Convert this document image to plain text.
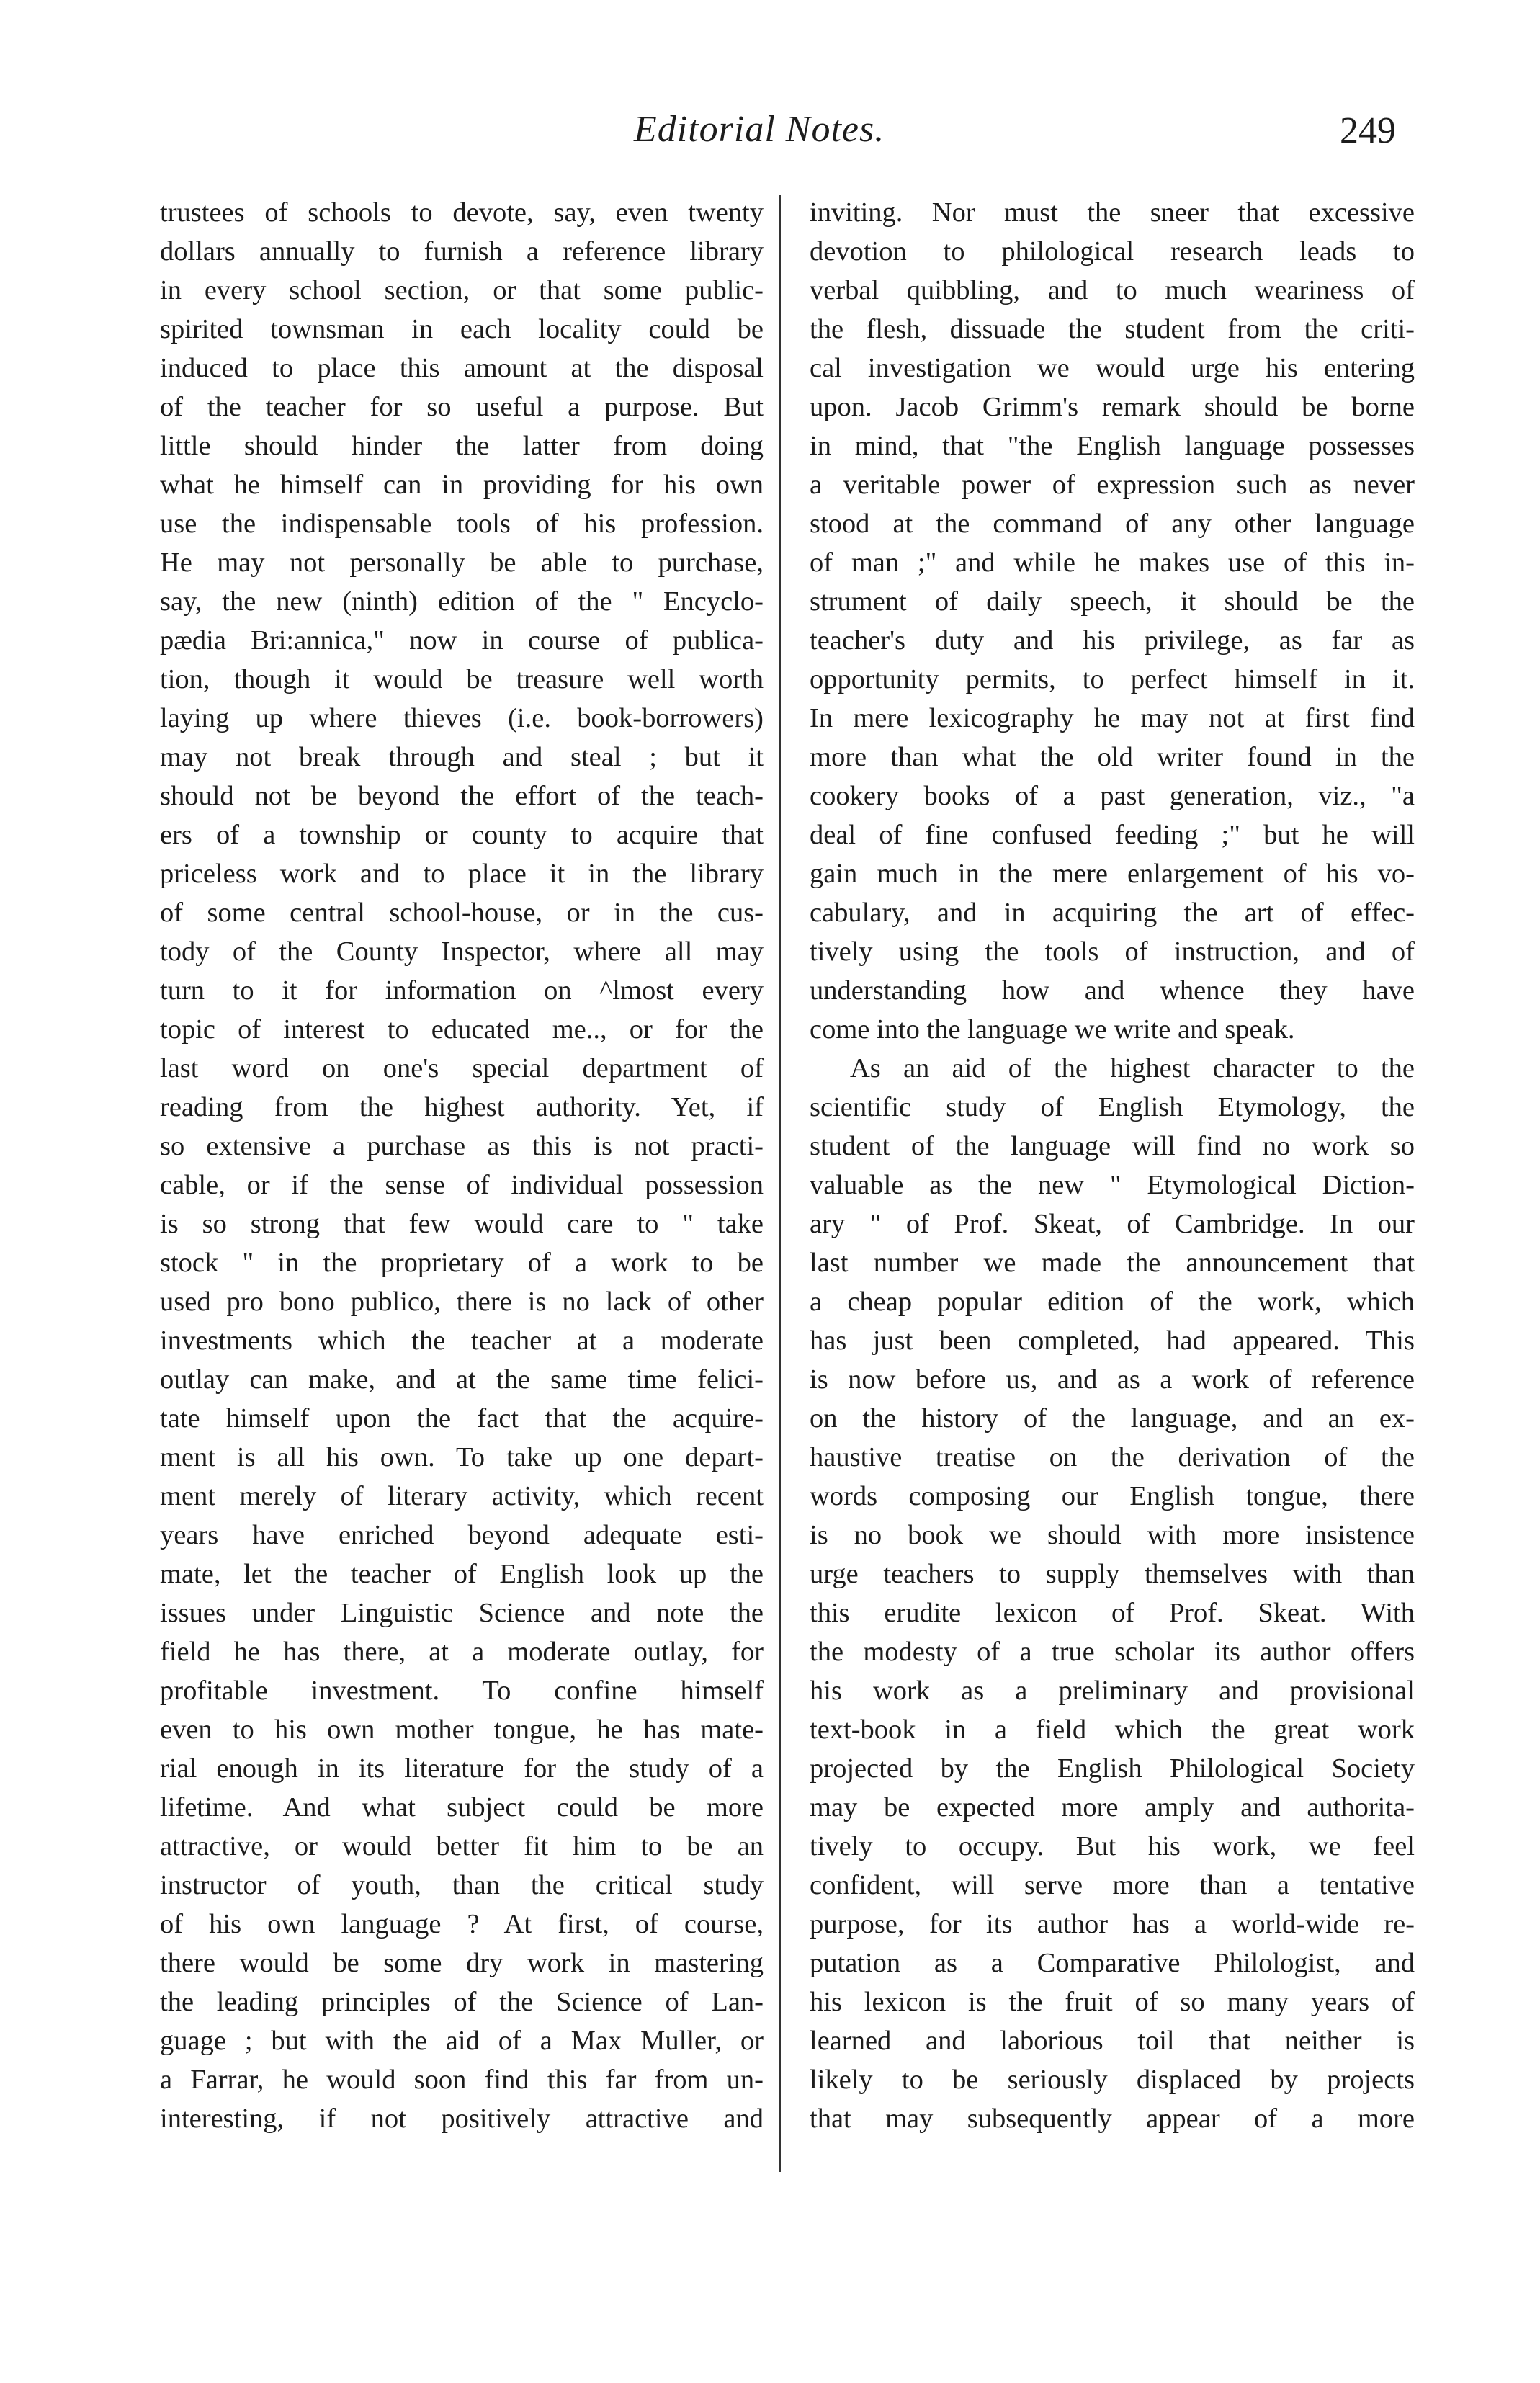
Editorial Notes.	249
trustees of schools to devote, say, even twenty
dollars annually to furnish a reference library
in every school section, or that some public-
spirited townsman in each locality could be
induced to place this amount at the disposal
of the teacher for so useful a purpose. But
little should hinder the latter from doing
what he himself can in providing for his own
use the indispensable tools of his profession.
He may not personally be able to purchase,
say, the new (ninth) edition of the " Encyclo-
pædia Bri:annica," now in course of publica-
tion, though it would be treasure well worth
laying up where thieves (i.e. book-borrowers)
may not break through and steal ; but it
should not be beyond the effort of the teach-
ers of a township or county to acquire that
priceless work and to place it in the library
of some central school-house, or in the cus-
tody of the County Inspector, where all may
turn to it for information on ^lmost every
topic of interest to educated me.., or for the
last word on one's special department of
reading from the highest authority. Yet, if
so extensive a purchase as this is not practi-
cable, or if the sense of individual possession
is so strong that few would care to " take
stock " in the proprietary of a work to be
used pro bono publico, there is no lack of other
investments which the teacher at a moderate
outlay can make, and at the same time felici-
tate himself upon the fact that the acquire-
ment is all his own. To take up one depart-
ment merely of literary activity, which recent
years have enriched beyond adequate esti-
mate, let the teacher of English look up the
issues under Linguistic Science and note the
field he has there, at a moderate outlay, for
profitable investment. To confine himself
even to his own mother tongue, he has mate-
rial enough in its literature for the study of a
lifetime. And what subject could be more
attractive, or would better fit him to be an
instructor of youth, than the critical study
of his own language ? At first, of course,
there would be some dry work in mastering
the leading principles of the Science of Lan-
guage ; but with the aid of a Max Muller, or
a Farrar, he would soon find this far from un-
interesting, if not positively attractive and
inviting. Nor must the sneer that excessive
devotion to philological research leads to
verbal quibbling, and to much weariness of
the flesh, dissuade the student from the criti-
cal investigation we would urge his entering
upon. Jacob Grimm's remark should be borne
in mind, that "the English language possesses
a veritable power of expression such as never
stood at the command of any other language
of man ;" and while he makes use of this in-
strument of daily speech, it should be the
teacher's duty and his privilege, as far as
opportunity permits, to perfect himself in it.
In mere lexicography he may not at first find
more than what the old writer found in the
cookery books of a past generation, viz., "a
deal of fine confused feeding ;" but he will
gain much in the mere enlargement of his vo-
cabulary, and in acquiring the art of effec-
tively using the tools of instruction, and of
understanding how and whence they have
come into the language we write and speak.
As an aid of the highest character to the
scientific study of English Etymology, the
student of the language will find no work so
valuable as the new " Etymological Diction-
ary " of Prof. Skeat, of Cambridge. In our
last number we made the announcement that
a cheap popular edition of the work, which
has just been completed, had appeared. This
is now before us, and as a work of reference
on the history of the language, and an ex-
haustive treatise on the derivation of the
words composing our English tongue, there
is no book we should with more insistence
urge teachers to supply themselves with than
this erudite lexicon of Prof. Skeat. With
the modesty of a true scholar its author offers
his work as a preliminary and provisional
text-book in a field which the great work
projected by the English Philological Society
may be expected more amply and authorita-
tively to occupy. But his work, we feel
confident, will serve more than a tentative
purpose, for its author has a world-wide re-
putation as a Comparative Philologist, and
his lexicon is the fruit of so many years of
learned and laborious toil that neither is
likely to be seriously displaced by projects
that may subsequently appear of a more
